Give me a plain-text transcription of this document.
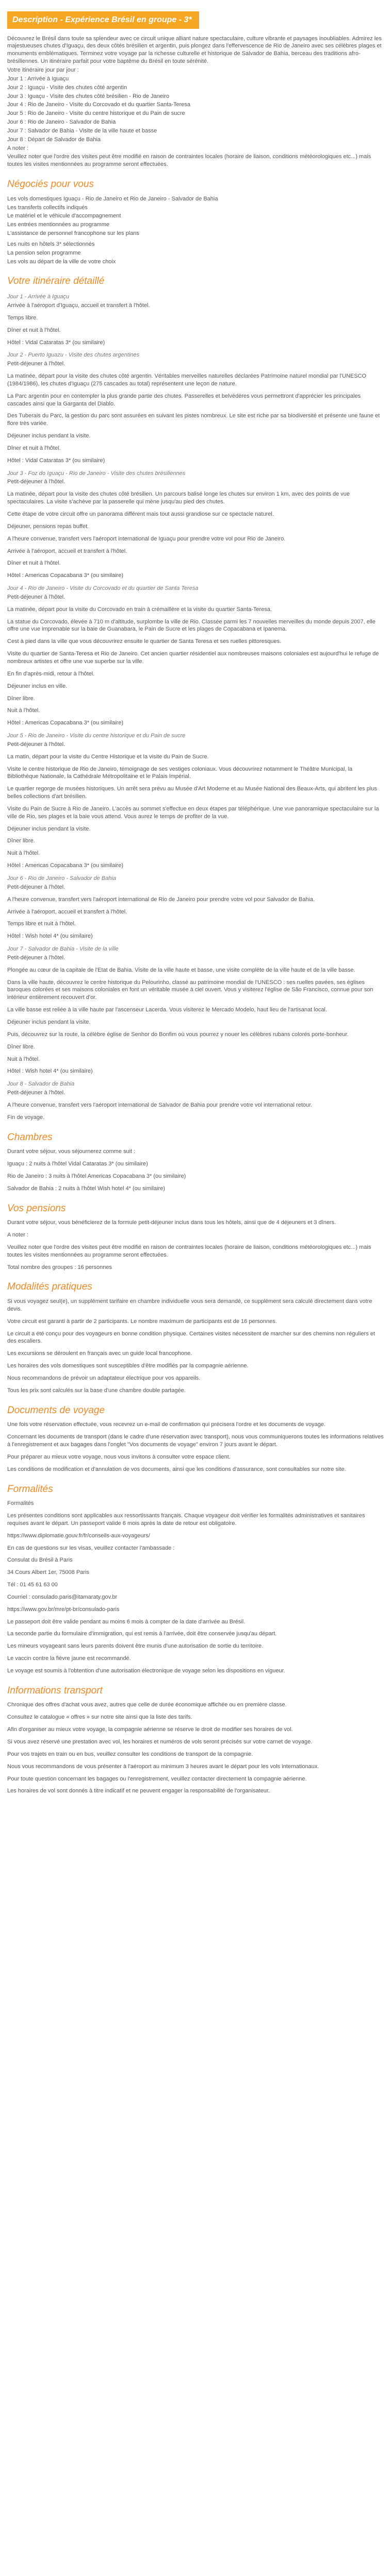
Description - Expérience Brésil en groupe - 3*

Découvrez le Brésil dans toute sa splendeur avec ce circuit unique alliant nature spectaculaire, culture vibrante et paysages inoubliables. Admirez les majestueuses chutes d'Iguaçu, des deux côtés brésilien et argentin, puis plongez dans l'effervescence de Rio de Janeiro avec ses célèbres plages et monuments emblématiques. Terminez votre voyage par la richesse culturelle et historique de Salvador de Bahia, berceau des traditions afro-brésiliennes. Un itinéraire parfait pour votre baptême du Brésil en toute sérénité.

Votre itinéraire jour par jour :

Jour 1 : Arrivée à Iguaçu

Jour 2 : Iguaçu - Visite des chutes côté argentin

Jour 3 : Iguaçu - Visite des chutes côté brésilien - Rio de Janeiro

Jour 4 : Rio de Janeiro - Visite du Corcovado et du quartier Santa-Teresa

Jour 5 : Rio de Janeiro - Visite du centre historique et du Pain de sucre

Jour 6 : Rio de Janeiro - Salvador de Bahia

Jour 7 : Salvador de Bahia - Visite de la ville haute et basse

Jour 8 : Départ de Salvador de Bahia

A noter :

Veuillez noter que l'ordre des visites peut être modifié en raison de contraintes locales (horaire de liaison, conditions météorologiques etc...) mais toutes les visites mentionnées au programme seront effectuées.

Négociés pour vous

Les vols domestiques Iguaçu - Rio de Janeiro et Rio de Janeiro - Salvador de Bahia

Les transferts collectifs indiqués

Le matériel et le véhicule d'accompagnement

Les entrées mentionnées au programme

L'assistance de personnel francophone sur les plans

Les nuits en hôtels 3* sélectionnés

La pension selon programme

Les vols au départ de la ville de votre choix

Votre itinéraire détaillé
Jour 1 - Arrivée à Iguaçu

Arrivée à l'aéroport d'Iguaçu, accueil et transfert à l'hôtel.

Temps libre.

Dîner et nuit à l'hôtel.

Hôtel : Vidal Cataratas 3* (ou similaire)

Jour 2 - Puerto Iguazu - Visite des chutes argentines

Petit-déjeuner à l'hôtel.

La matinée, départ pour la visite des chutes côté argentin. Véritables merveilles naturelles déclarées Patrimoine naturel mondial par l'UNESCO (1984/1986), les chutes d'Iguaçu (275 cascades au total) représentent une leçon de nature.

La Parc argentin pour en contempler la plus grande partie des chutes. Passerelles et belvédères vous permettront d'apprécier les principales cascades ainsi que la Garganta del Diablo.

Des Tuberais du Parc, la gestion du parc sont assurées en suivant les pistes nombreux. Le site est riche par sa biodiversité et présente une faune et flore très variée.

Déjeuner inclus pendant la visite.

Dîner et nuit à l'hôtel.

Hôtel : Vidal Cataratas 3* (ou similaire)

Jour 3 - Foz do Iguaçu - Rio de Janeiro - Visite des chutes brésiliennes

Petit-déjeuner à l'hôtel.

La matinée, départ pour la visite des chutes côté brésilien. Un parcours balisé longe les chutes sur environ 1 km, avec des points de vue spectaculaires. La visite s'achève par la passerelle qui mène jusqu'au pied des chutes.

Cette étape de votre circuit offre un panorama différent mais tout aussi grandiose sur ce spectacle naturel.

Déjeuner, pensions repas buffet.

A l'heure convenue, transfert vers l'aéroport international de Iguaçu pour prendre votre vol pour Rio de Janeiro.

Arrivée à l'aéroport, accueil et transfert à l'hôtel.

Dîner et nuit à l'hôtel.

Hôtel : Americas Copacabana 3* (ou similaire)

Jour 4 - Rio de Janeiro - Visite du Corcovado et du quartier de Santa Teresa

Petit-déjeuner à l'hôtel.

La matinée, départ pour la visite du Corcovado en train à crémaillère et la visite du quartier Santa-Teresa.

La statue du Corcovado, élevée à 710 m d'altitude, surplombe la ville de Rio. Classée parmi les 7 nouvelles merveilles du monde depuis 2007, elle offre une vue imprenable sur la baie de Guanabara, le Pain de Sucre et les plages de Copacabana et Ipanema.

Cest à pied dans la ville que vous découvrirez ensuite le quartier de Santa Teresa et ses ruelles pittoresques.

Visite du quartier de Santa-Teresa et Rio de Janeiro. Cet ancien quartier résidentiel aux nombreuses maisons coloniales est aujourd'hui le refuge de nombreux artistes et offre une vue superbe sur la ville.

En fin d'après-midi, retour à l'hôtel.

Déjeuner inclus en ville.

Dîner libre.

Nuit à l'hôtel.

Hôtel : Americas Copacabana 3* (ou similaire)

Jour 5 - Rio de Janeiro - Visite du centre historique et du Pain de sucre

Petit-déjeuner à l'hôtel.

La matin, départ pour la visite du Centre Historique et la visite du Pain de Sucre.

Visite le centre historique de Rio de Janeiro, témoignage de ses vestiges coloniaux. Vous découvrirez notamment le Théâtre Municipal, la Bibliothèque Nationale, la Cathédrale Métropolitaine et le Palais Impérial.

Le quartier regorge de musées historiques. Un arrêt sera prévu au Musée d'Art Moderne et au Musée National des Beaux-Arts, qui abritent les plus belles collections d'art brésilien.

Visite du Pain de Sucre à Rio de Janeiro. L'accès au sommet s'effectue en deux étapes par téléphérique. Une vue panoramique spectaculaire sur la ville de Rio, ses plages et la baie vous attend. Vous aurez le temps de profiter de la vue.

Déjeuner inclus pendant la visite.

Dîner libre.

Nuit à l'hôtel.

Hôtel : Americas Copacabana 3* (ou similaire)

Jour 6 - Rio de Janeiro - Salvador de Bahia

Petit-déjeuner à l'hôtel.

A l'heure convenue, transfert vers l'aéroport international de Rio de Janeiro pour prendre votre vol pour Salvador de Bahia.

Arrivée à l'aéroport, accueil et transfert à l'hôtel.

Temps libre et nuit à l'hôtel.

Hôtel : Wish hotel 4* (ou similaire)

Jour 7 - Salvador de Bahia - Visite de la ville

Petit-déjeuner à l'hôtel.

Plongée au cœur de la capitale de l'Etat de Bahia. Visite de la ville haute et basse, une visite complète de la ville haute et de la ville basse.

Dans la ville haute, découvrez le centre historique du Pelourinho, classé au patrimoine mondial de l'UNESCO : ses ruelles pavées, ses églises baroques colorées et ses maisons coloniales en font un véritable musée à ciel ouvert. Vous y visiterez l'église de São Francisco, connue pour son intérieur entièrement recouvert d'or.

La ville basse est reliée à la ville haute par l'ascenseur Lacerda. Vous visiterez le Mercado Modelo, haut lieu de l'artisanat local.

Déjeuner inclus pendant la visite.

Puis, découvrez sur la route, la célèbre église de Senhor do Bonfim où vous pourrez y nouer les célèbres rubans colorés porte-bonheur.

Dîner libre.

Nuit à l'hôtel.

Hôtel : Wish hotel 4* (ou similaire)

Jour 8 - Salvador de Bahia

Petit-déjeuner à l'hôtel.

A l'heure convenue, transfert vers l'aéroport international de Salvador de Bahia pour prendre votre vol international retour.

Fin de voyage.

Chambres

Durant votre séjour, vous séjournerez comme suit :

Iguaçu : 2 nuits à l'hôtel Vidal Cataratas 3* (ou similaire)

Rio de Janeiro : 3 nuits à l'hôtel Americas Copacabana 3* (ou similaire)

Salvador de Bahia : 2 nuits à l'hôtel Wish hotel 4* (ou similaire)

Vos pensions

Durant votre séjour, vous bénéficierez de la formule petit-déjeuner inclus dans tous les hôtels, ainsi que de 4 déjeuners et 3 dîners.

A noter :

Veuillez noter que l'ordre des visites peut être modifié en raison de contraintes locales (horaire de liaison, conditions météorologiques etc...) mais toutes les visites mentionnées au programme seront effectuées.

Total nombre des groupes : 16 personnes

Modalités pratiques

Si vous voyagez seul(e), un supplément tarifaire en chambre individuelle vous sera demandé, ce supplément sera calculé directement dans votre devis.

Votre circuit est garanti à partir de 2 participants. Le nombre maximum de participants est de 16 personnes.

Le circuit a été conçu pour des voyageurs en bonne condition physique. Certaines visites nécessitent de marcher sur des chemins non réguliers et des escaliers.

Les excursions se déroulent en français avec un guide local francophone.

Les horaires des vols domestiques sont susceptibles d'être modifiés par la compagnie aérienne.

Nous recommandons de prévoir un adaptateur électrique pour vos appareils.

Tous les prix sont calculés sur la base d'une chambre double partagée.

Documents de voyage

Une fois votre réservation effectuée, vous recevrez un e-mail de confirmation qui précisera l'ordre et les documents de voyage.

Concernant les documents de transport (dans le cadre d'une réservation avec transport), nous vous communiquerons toutes les informations relatives à l'enregistrement et aux bagages dans l'onglet "Vos documents de voyage" environ 7 jours avant le départ.

Pour préparer au mieux votre voyage, nous vous invitons à consulter votre espace client.

Les conditions de modification et d'annulation de vos documents, ainsi que les conditions d'assurance, sont consultables sur notre site.

Formalités

Formalités

Les présentes conditions sont applicables aux ressortissants français. Chaque voyageur doit vérifier les formalités administratives et sanitaires requises avant le départ. Un passeport valide 6 mois après la date de retour est obligatoire.

https://www.diplomatie.gouv.fr/fr/conseils-aux-voyageurs/

En cas de questions sur les visas, veuillez contacter l'ambassade :

Consulat du Brésil à Paris

34 Cours Albert 1er, 75008 Paris

Tél : 01 45 61 63 00

Courriel : consulado.paris@itamaraty.gov.br

https://www.gov.br/mre/pt-br/consulado-paris

Le passeport doit être valide pendant au moins 6 mois à compter de la date d'arrivée au Brésil.

La seconde partie du formulaire d'immigration, qui est remis à l'arrivée, doit être conservée jusqu'au départ.

Les mineurs voyageant sans leurs parents doivent être munis d'une autorisation de sortie du territoire.

Le vaccin contre la fièvre jaune est recommandé.

Le voyage est soumis à l'obtention d'une autorisation électronique de voyage selon les dispositions en vigueur.

Informations transport

Chronique des offres d'achat vous avez, autres que celle de durée économique affichée ou en première classe.

Consultez le catalogue « offres » sur notre site ainsi que la liste des tarifs.

Afin d'organiser au mieux votre voyage, la compagnie aérienne se réserve le droit de modifier ses horaires de vol.

Si vous avez réservé une prestation avec vol, les horaires et numéros de vols seront précisés sur votre carnet de voyage.

Pour vos trajets en train ou en bus, veuillez consulter les conditions de transport de la compagnie.

Nous vous recommandons de vous présenter à l'aéroport au minimum 3 heures avant le départ pour les vols internationaux.

Pour toute question concernant les bagages ou l'enregistrement, veuillez contacter directement la compagnie aérienne.

Les horaires de vol sont donnés à titre indicatif et ne peuvent engager la responsabilité de l'organisateur.
